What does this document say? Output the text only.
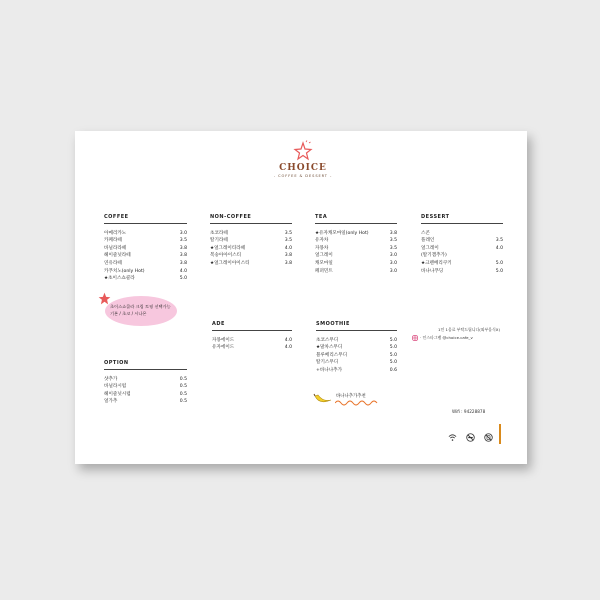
CHOICE
- COFFEE & DESSERT -
COFFEE
아메리카노	3.0
카페라떼	3.5
바닐라라떼	3.8
헤이즐넛라떼	3.8
연유라떼	3.8
카푸치노(only Hot)	4.0
★초이스쇼콜라	5.0
초이스쇼콜라 크림 토핑 선택가능
기본 / 초코 / 시나몬
NON-COFFEE
초코라떼	3.5
딸기라떼	3.5
★얼그레이티라떼	4.0
복숭아아이스티	3.8
★얼그레이아이스티	3.8
TEA
★유자캐모마일(only Hot)	3.8
유자차	3.5
자몽차	3.5
얼그레이	3.0
캐모마일	3.0
페퍼민트	3.0
DESSERT
스콘
플레인	3.5
얼그레이	4.0
(딸기잼추가)
★크렌베리쿠키	5.0
바나나푸딩	5.0
ADE
자몽에이드	4.0
유자에이드	4.0
SMOOTHIE
초코스무디	5.0
★말차스무디	5.0
블루베리스무디	5.0
딸기스무디	5.0
+바나나추가	0.6
바나나추가추천
OPTION
샷추가	0.5
바닐라시럽	0.5
헤이즐넛시럽	0.5
얼가추	0.5
1인 1음료 부탁드립니다(외부음식X)
· 인스타그램 @choice.cafe_v
Wifi : 94228878
